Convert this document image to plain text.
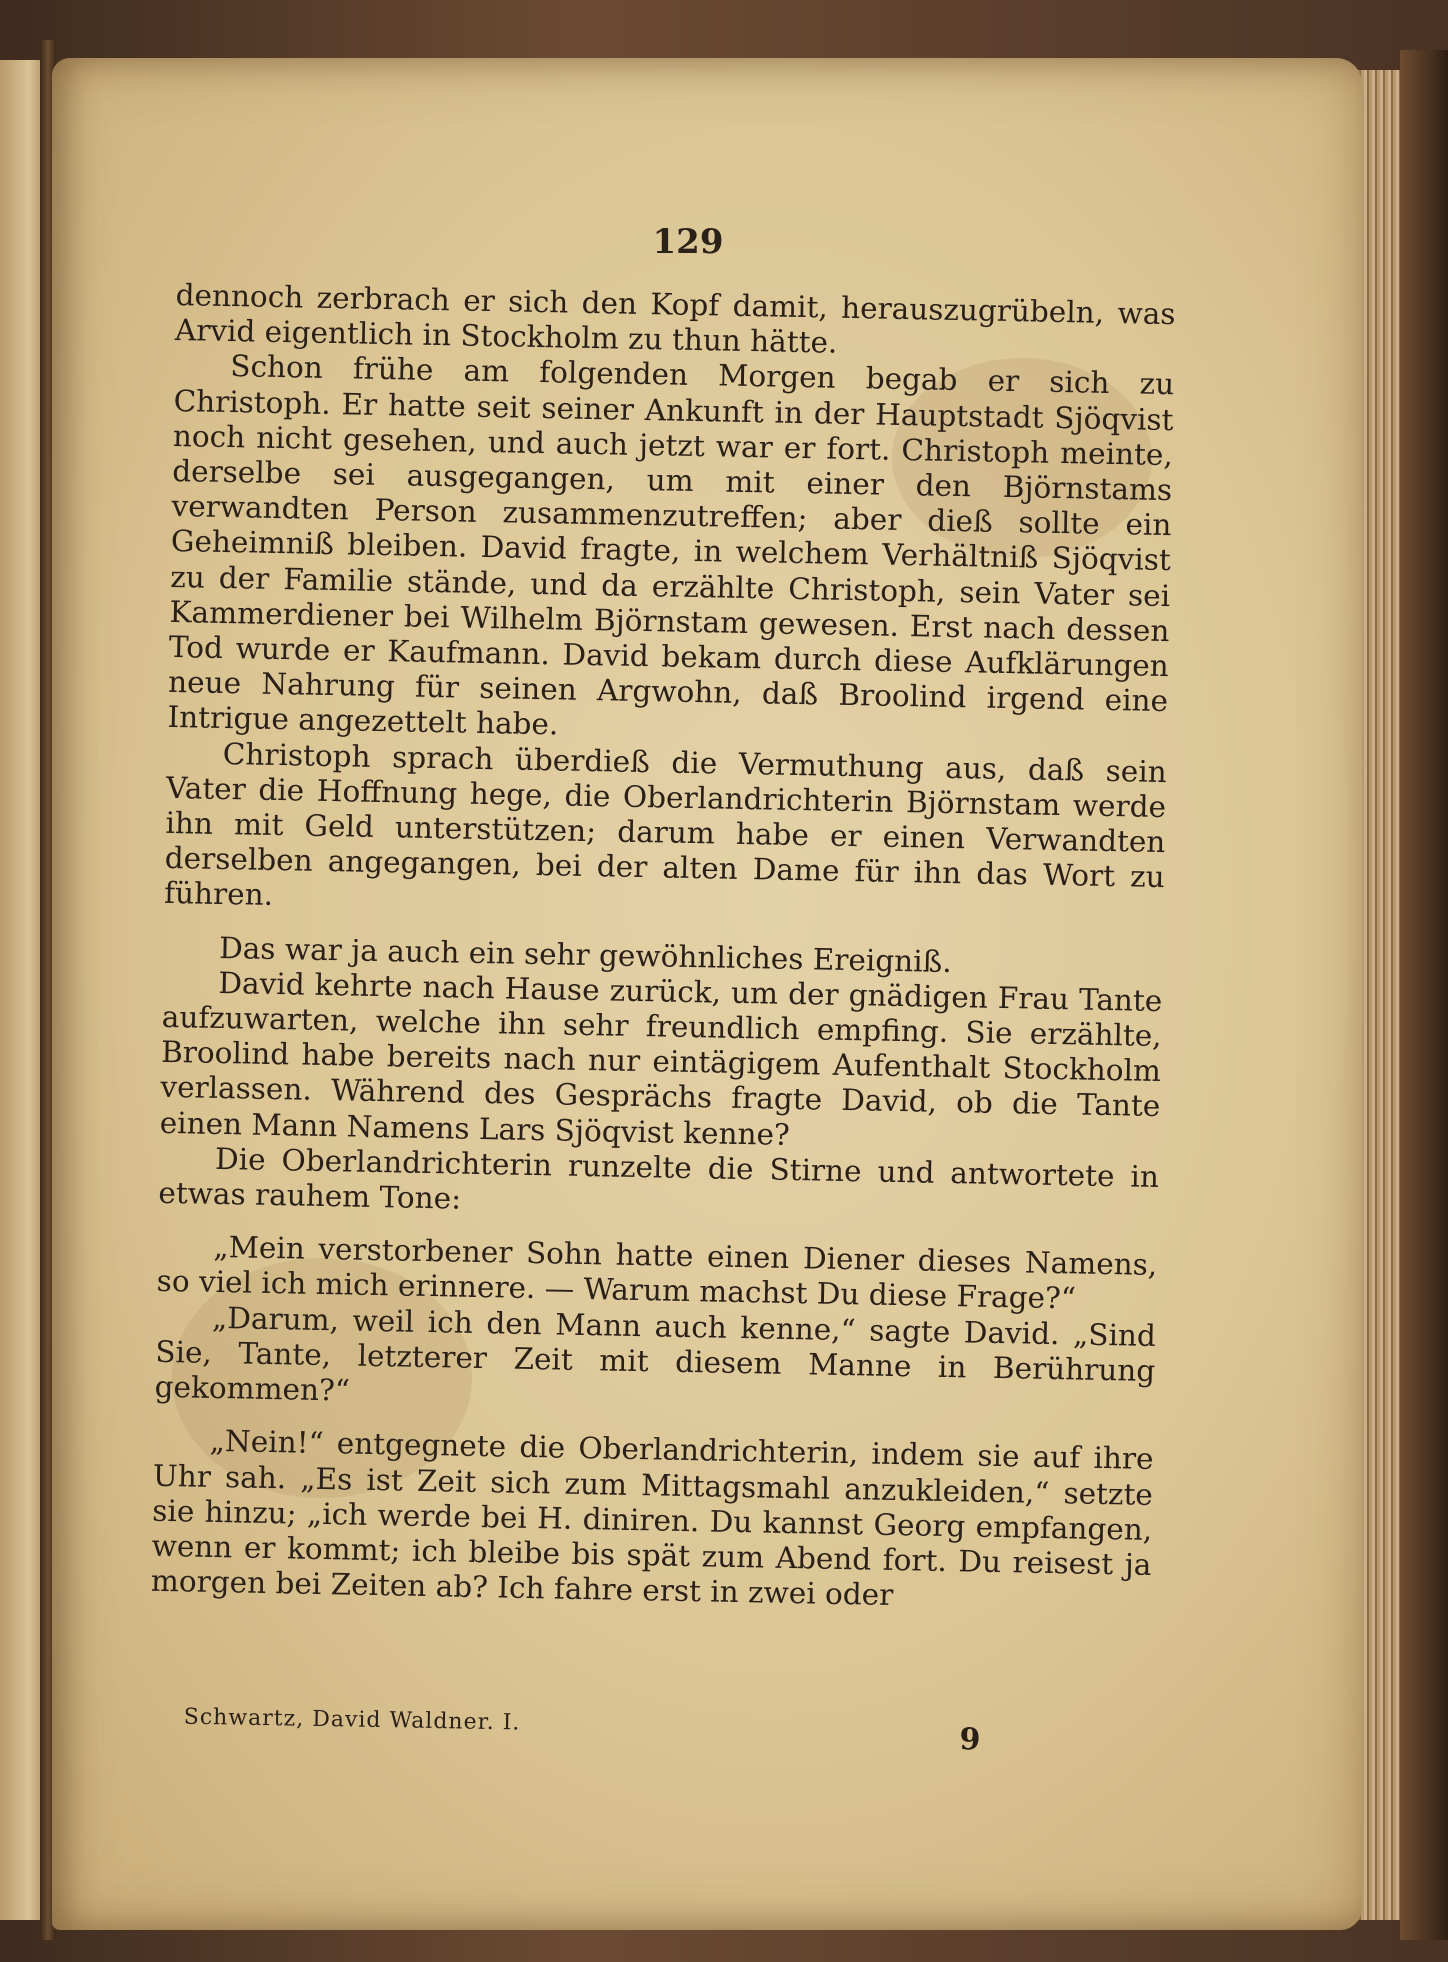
129

dennoch zerbrach er sich den Kopf damit, herauszugrübeln, was Arvid eigentlich in Stockholm zu thun hätte.

Schon frühe am folgenden Morgen begab er sich zu Christoph. Er hatte seit seiner Ankunft in der Hauptstadt Sjöqvist noch nicht gesehen, und auch jetzt war er fort. Christoph meinte, derselbe sei ausgegangen, um mit einer den Björnstams verwandten Person zusammenzutreffen; aber dieß sollte ein Geheimniß bleiben. David fragte, in welchem Verhältniß Sjöqvist zu der Familie stände, und da erzählte Christoph, sein Vater sei Kammerdiener bei Wilhelm Björnstam gewesen. Erst nach dessen Tod wurde er Kaufmann. David bekam durch diese Aufklärungen neue Nahrung für seinen Argwohn, daß Broolind irgend eine Intrigue angezettelt habe.

Christoph sprach überdieß die Vermuthung aus, daß sein Vater die Hoffnung hege, die Oberlandrichterin Björnstam werde ihn mit Geld unterstützen; darum habe er einen Verwandten derselben angegangen, bei der alten Dame für ihn das Wort zu führen.

Das war ja auch ein sehr gewöhnliches Ereigniß.

David kehrte nach Hause zurück, um der gnädigen Frau Tante aufzuwarten, welche ihn sehr freundlich empfing. Sie erzählte, Broolind habe bereits nach nur eintägigem Aufenthalt Stockholm verlassen. Während des Gesprächs fragte David, ob die Tante einen Mann Namens Lars Sjöqvist kenne?

Die Oberlandrichterin runzelte die Stirne und antwortete in etwas rauhem Tone:

„Mein verstorbener Sohn hatte einen Diener dieses Namens, so viel ich mich erinnere. — Warum machst Du diese Frage?“

„Darum, weil ich den Mann auch kenne,“ sagte David. „Sind Sie, Tante, letzterer Zeit mit diesem Manne in Berührung gekommen?“

„Nein!“ entgegnete die Oberlandrichterin, indem sie auf ihre Uhr sah. „Es ist Zeit sich zum Mittagsmahl anzukleiden,“ setzte sie hinzu; „ich werde bei H. diniren. Du kannst Georg empfangen, wenn er kommt; ich bleibe bis spät zum Abend fort. Du reisest ja morgen bei Zeiten ab? Ich fahre erst in zwei oder

Schwartz, David Waldner. I.
9
